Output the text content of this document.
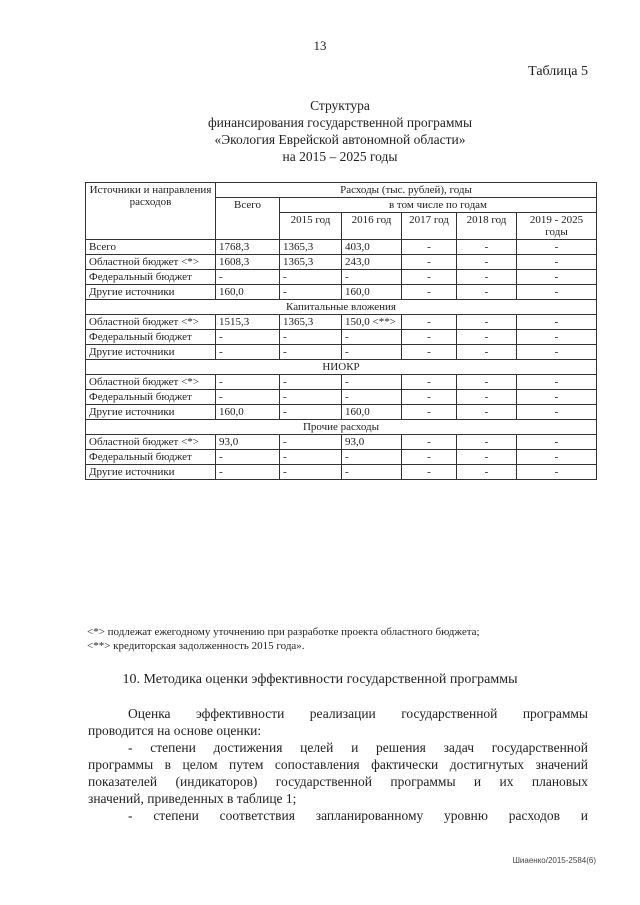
13
Таблица 5
Структура
финансирования государственной программы
«Экология Еврейской автономной области»
на 2015 – 2025 годы
Источники и направления расходов	Расходы (тыс. рублей), годы					
	Всего	в том числе по годам				
		2015 год	2016 год	2017 год	2018 год	2019 - 2025 годы
Всего	1768,3	1365,3	403,0	-	-	-
Областной бюджет <*>	1608,3	1365,3	243,0	-	-	-
Федеральный бюджет	-	-	-	-	-	-
Другие источники	160,0	-	160,0	-	-	-
Капитальные вложения						
Областной бюджет <*>	1515,3	1365,3	150,0 <**>	-	-	-
Федеральный бюджет	-	-	-	-	-	-
Другие источники	-	-	-	-	-	-
НИОКР						
Областной бюджет <*>	-	-	-	-	-	-
Федеральный бюджет	-	-	-	-	-	-
Другие источники	160,0	-	160,0	-	-	-
Прочие расходы						
Областной бюджет <*>	93,0	-	93,0	-	-	-
Федеральный бюджет	-	-	-	-	-	-
Другие источники	-	-	-	-	-	-
<*> подлежат ежегодному уточнению при разработке проекта областного бюджета;
<**> кредиторская задолженность 2015 года».
10. Методика оценки эффективности государственной программы

Оценка эффективности реализации государственной программы

проводится на основе оценки:

- степени достижения целей и решения задач государственной

программы в целом путем сопоставления фактически достигнутых значений

показателей (индикаторов) государственной программы и их плановых

значений, приведенных в таблице 1;

- степени соответствия запланированному уровню расходов и

Шиаенко/2015-2584(6)
